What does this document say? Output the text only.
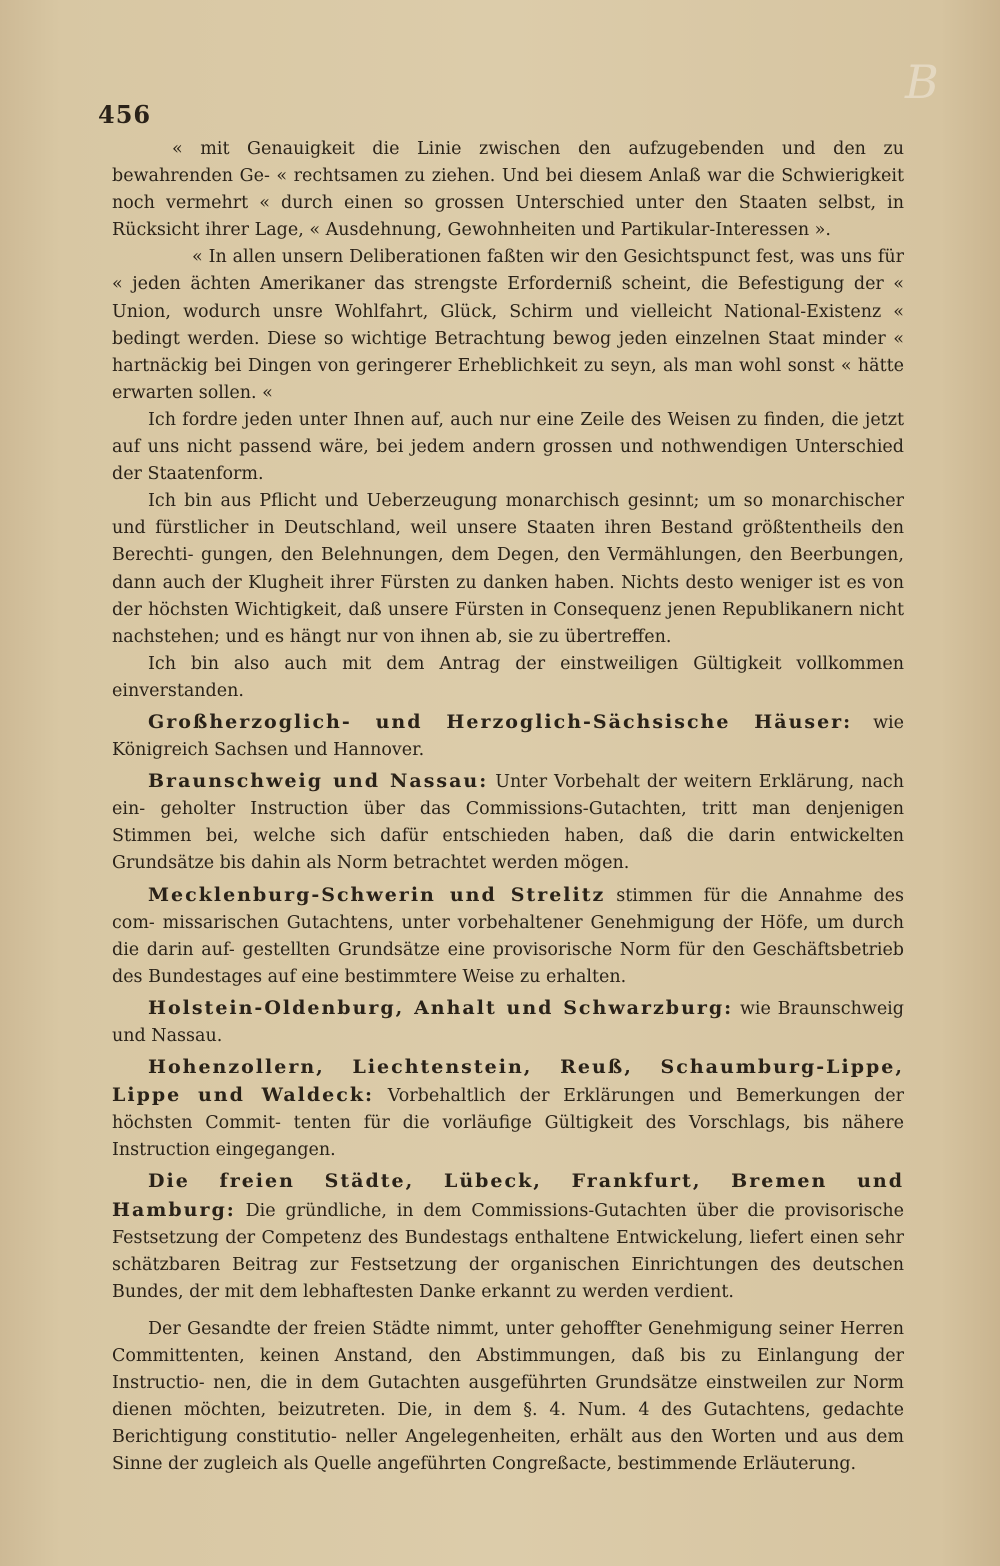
B
456

« mit Genauigkeit die Linie zwischen den aufzugebenden und den zu bewahrenden Ge- « rechtsamen zu ziehen. Und bei diesem Anlaß war die Schwierigkeit noch vermehrt « durch einen so grossen Unterschied unter den Staaten selbst, in Rücksicht ihrer Lage, « Ausdehnung, Gewohnheiten und Partikular-Interessen ».

« In allen unsern Deliberationen faßten wir den Gesichtspunct fest, was uns für « jeden ächten Amerikaner das strengste Erforderniß scheint, die Befestigung der « Union, wodurch unsre Wohlfahrt, Glück, Schirm und vielleicht National-Existenz « bedingt werden. Diese so wichtige Betrachtung bewog jeden einzelnen Staat minder « hartnäckig bei Dingen von geringerer Erheblichkeit zu seyn, als man wohl sonst « hätte erwarten sollen. «

Ich fordre jeden unter Ihnen auf, auch nur eine Zeile des Weisen zu finden, die jetzt auf uns nicht passend wäre, bei jedem andern grossen und nothwendigen Unterschied der Staatenform.

Ich bin aus Pflicht und Ueberzeugung monarchisch gesinnt; um so monarchischer und fürstlicher in Deutschland, weil unsere Staaten ihren Bestand größtentheils den Berechti- gungen, den Belehnungen, dem Degen, den Vermählungen, den Beerbungen, dann auch der Klugheit ihrer Fürsten zu danken haben. Nichts desto weniger ist es von der höchsten Wichtigkeit, daß unsere Fürsten in Consequenz jenen Republikanern nicht nachstehen; und es hängt nur von ihnen ab, sie zu übertreffen.

Ich bin also auch mit dem Antrag der einstweiligen Gültigkeit vollkommen einverstanden.

Großherzoglich- und Herzoglich-Sächsische Häuser: wie Königreich Sachsen und Hannover.

Braunschweig und Nassau: Unter Vorbehalt der weitern Erklärung, nach ein- geholter Instruction über das Commissions-Gutachten, tritt man denjenigen Stimmen bei, welche sich dafür entschieden haben, daß die darin entwickelten Grundsätze bis dahin als Norm betrachtet werden mögen.

Mecklenburg-Schwerin und Strelitz stimmen für die Annahme des com- missarischen Gutachtens, unter vorbehaltener Genehmigung der Höfe, um durch die darin auf- gestellten Grundsätze eine provisorische Norm für den Geschäftsbetrieb des Bundestages auf eine bestimmtere Weise zu erhalten.

Holstein-Oldenburg, Anhalt und Schwarzburg: wie Braunschweig und Nassau.

Hohenzollern, Liechtenstein, Reuß, Schaumburg-Lippe, Lippe und Waldeck: Vorbehaltlich der Erklärungen und Bemerkungen der höchsten Commit- tenten für die vorläufige Gültigkeit des Vorschlags, bis nähere Instruction eingegangen.

Die freien Städte, Lübeck, Frankfurt, Bremen und Hamburg: Die gründliche, in dem Commissions-Gutachten über die provisorische Festsetzung der Competenz des Bundestags enthaltene Entwickelung, liefert einen sehr schätzbaren Beitrag zur Festsetzung der organischen Einrichtungen des deutschen Bundes, der mit dem lebhaftesten Danke erkannt zu werden verdient.

Der Gesandte der freien Städte nimmt, unter gehoffter Genehmigung seiner Herren Committenten, keinen Anstand, den Abstimmungen, daß bis zu Einlangung der Instructio- nen, die in dem Gutachten ausgeführten Grundsätze einstweilen zur Norm dienen möchten, beizutreten. Die, in dem §. 4. Num. 4 des Gutachtens, gedachte Berichtigung constitutio- neller Angelegenheiten, erhält aus den Worten und aus dem Sinne der zugleich als Quelle angeführten Congreßacte, bestimmende Erläuterung.
